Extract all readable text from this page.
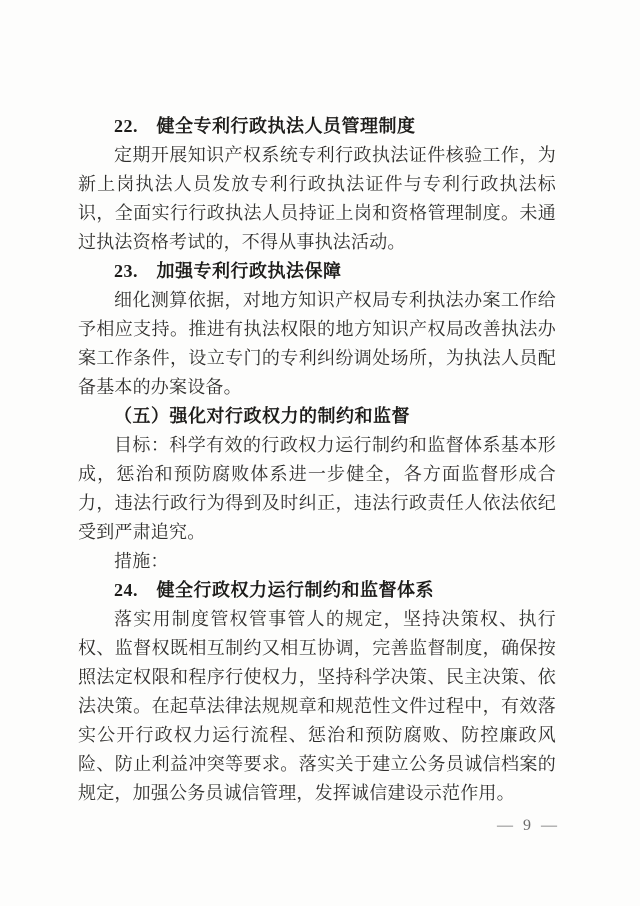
22.　健全专利行政执法人员管理制度

定期开展知识产权系统专利行政执法证件核验工作，为新上岗执法人员发放专利行政执法证件与专利行政执法标识，全面实行行政执法人员持证上岗和资格管理制度。未通过执法资格考试的，不得从事执法活动。

23.　加强专利行政执法保障

细化测算依据，对地方知识产权局专利执法办案工作给予相应支持。推进有执法权限的地方知识产权局改善执法办案工作条件，设立专门的专利纠纷调处场所，为执法人员配备基本的办案设备。

（五）强化对行政权力的制约和监督

目标：科学有效的行政权力运行制约和监督体系基本形成，惩治和预防腐败体系进一步健全，各方面监督形成合力，违法行政行为得到及时纠正，违法行政责任人依法依纪受到严肃追究。

措施：

24.　健全行政权力运行制约和监督体系

落实用制度管权管事管人的规定，坚持决策权、执行权、监督权既相互制约又相互协调，完善监督制度，确保按照法定权限和程序行使权力，坚持科学决策、民主决策、依法决策。在起草法律法规规章和规范性文件过程中，有效落实公开行政权力运行流程、惩治和预防腐败、防控廉政风险、防止利益冲突等要求。落实关于建立公务员诚信档案的规定，加强公务员诚信管理，发挥诚信建设示范作用。

— 9 —
